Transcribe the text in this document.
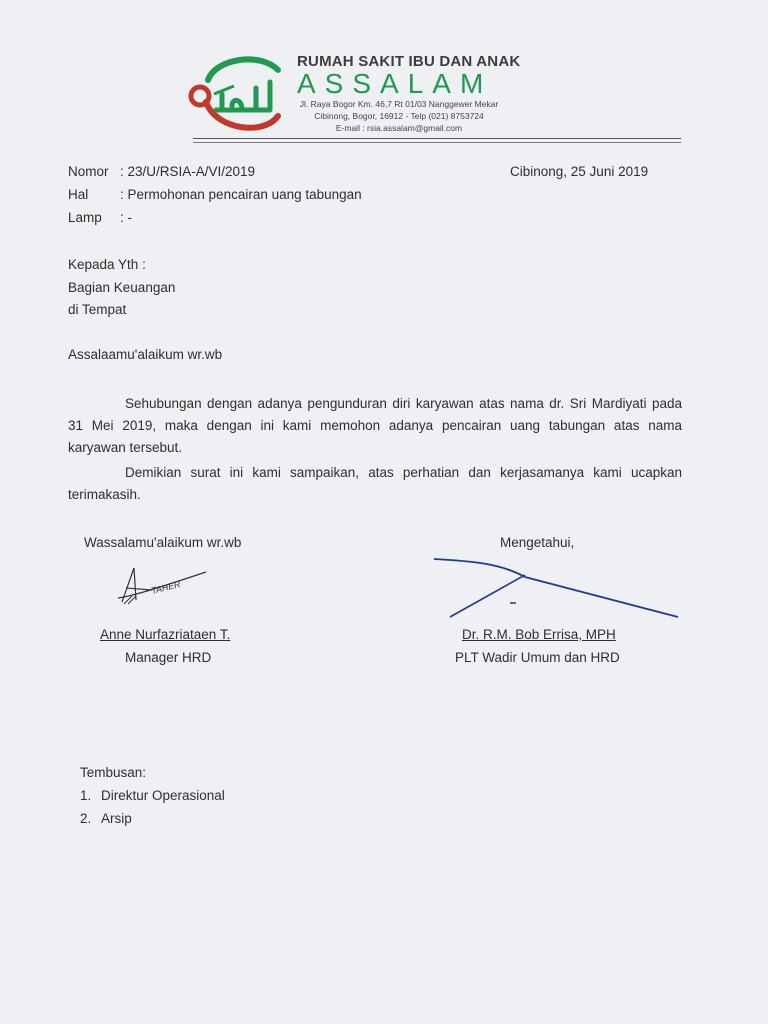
RUMAH SAKIT IBU DAN ANAK
ASSALAM
Jl. Raya Bogor Km. 46,7 Rt 01/03 Nanggewer Mekar
Cibinong, Bogor, 16912 - Telp (021) 8753724
E-mail : rsia.assalam@gmail.com
Nomor : 23/U/RSIA-A/VI/2019	Cibinong, 25 Juni 2019
Hal : Permohonan pencairan uang tabungan
Lamp : -
Kepada Yth :
Bagian Keuangan
di Tempat
Assalaamu'alaikum wr.wb
Sehubungan dengan adanya pengunduran diri karyawan atas nama dr. Sri Mardiyati pada
31 Mei 2019, maka dengan ini kami memohon adanya pencairan uang tabungan atas nama
karyawan tersebut.
Demikian surat ini kami sampaikan, atas perhatian dan kerjasamanya kami ucapkan
terimakasih.
Wassalamu'alaikum wr.wb	Mengetahui,
TAHER
Anne Nurfazriataen T.
Manager HRD
Dr. R.M. Bob Errisa, MPH
PLT Wadir Umum dan HRD
Tembusan:
1. Direktur Operasional
2. Arsip
